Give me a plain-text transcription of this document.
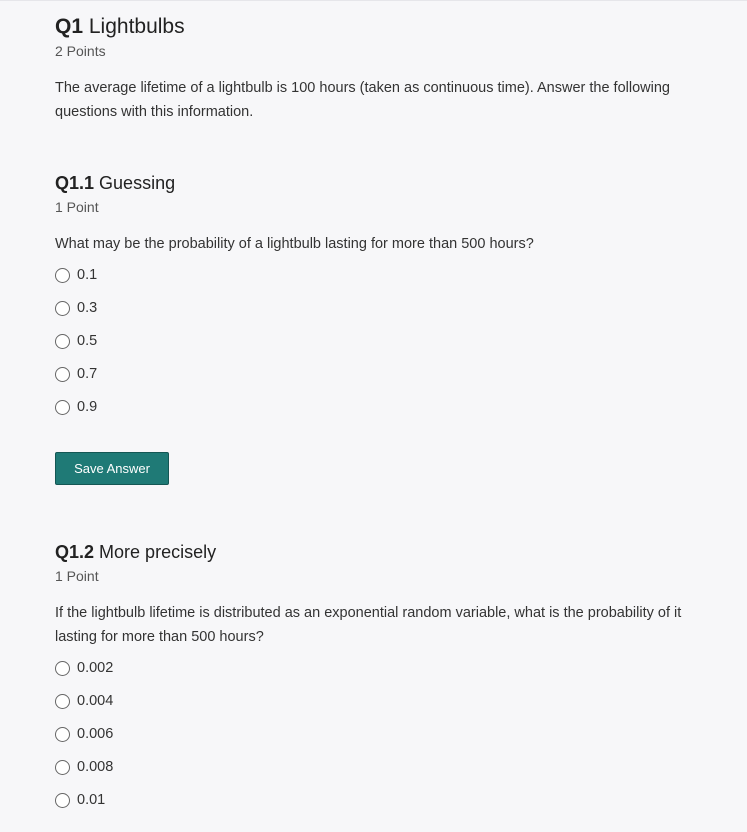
Q1 Lightbulbs
2 Points
The average lifetime of a lightbulb is 100 hours (taken as continuous time). Answer the following questions with this information.
Q1.1 Guessing
1 Point
What may be the probability of a lightbulb lasting for more than 500 hours?
0.1
0.3
0.5
0.7
0.9
Save Answer
Q1.2 More precisely
1 Point
If the lightbulb lifetime is distributed as an exponential random variable, what is the probability of it lasting for more than 500 hours?
0.002
0.004
0.006
0.008
0.01
